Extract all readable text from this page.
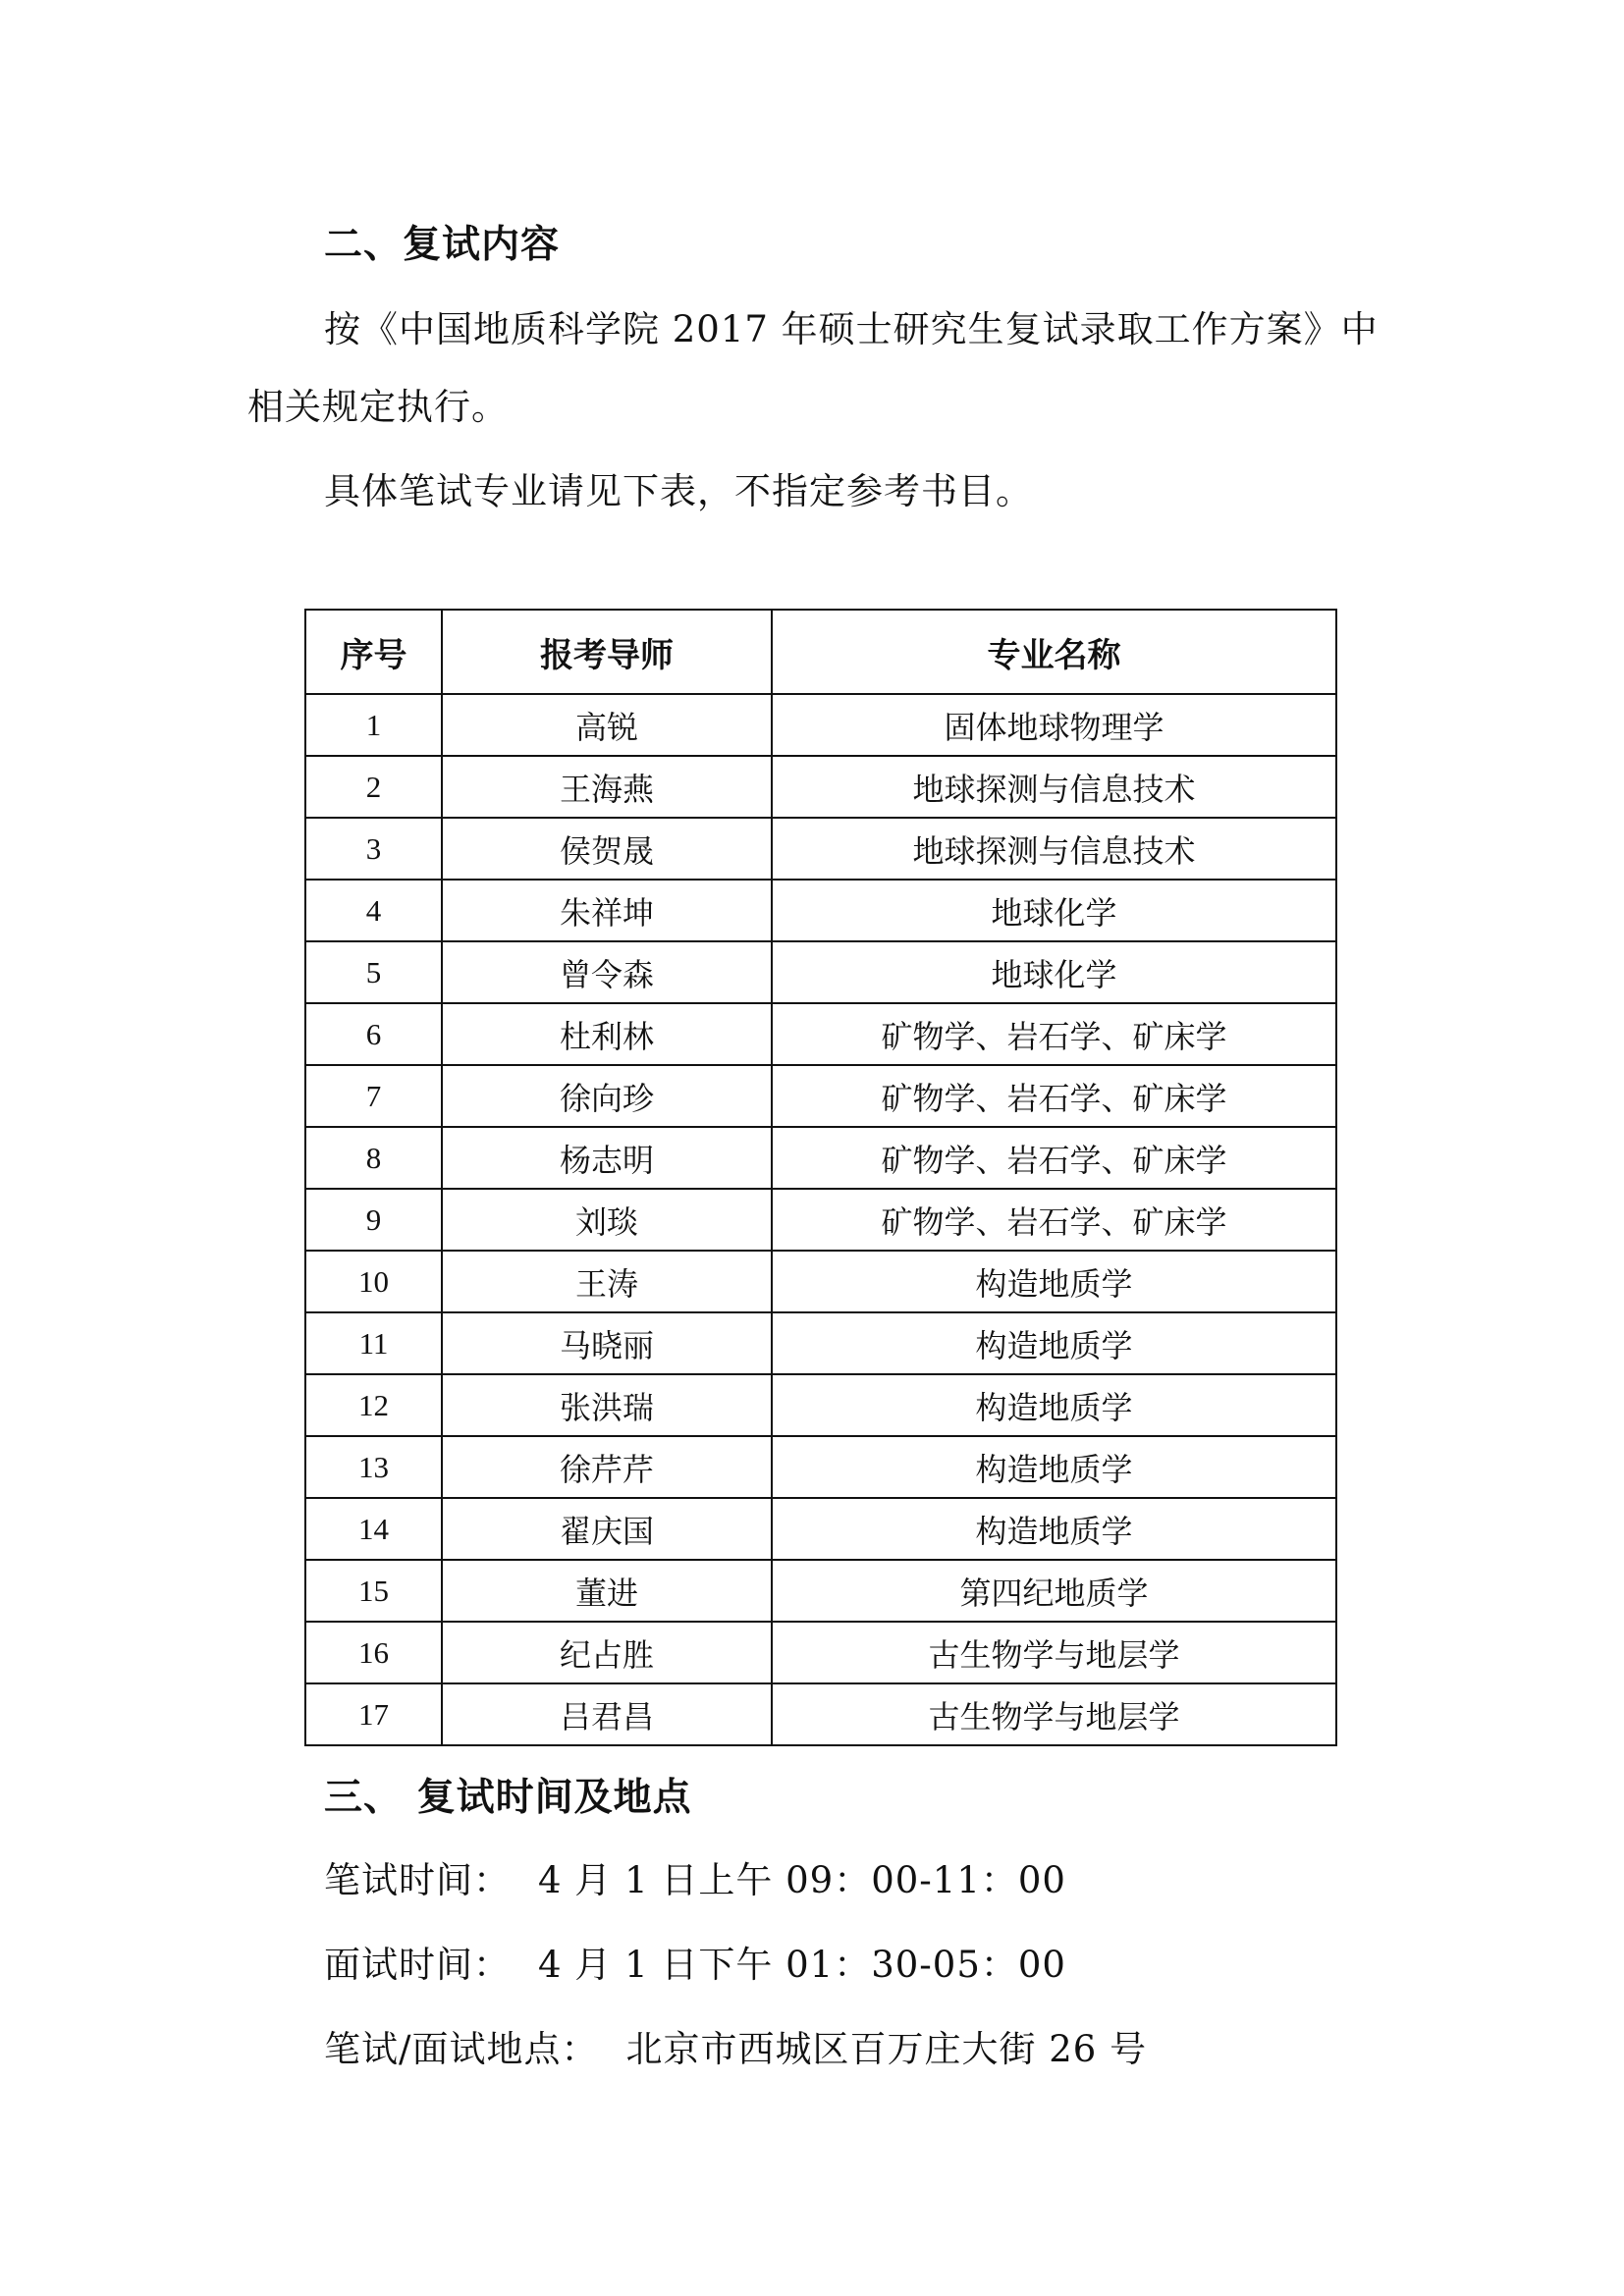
二、复试内容
按《中国地质科学院 2017 年硕士研究生复试录取工作方案》中
相关规定执行。
具体笔试专业请见下表，不指定参考书目。
序号	报考导师	专业名称
1	高锐	固体地球物理学
2	王海燕	地球探测与信息技术
3	侯贺晟	地球探测与信息技术
4	朱祥坤	地球化学
5	曾令森	地球化学
6	杜利林	矿物学、岩石学、矿床学
7	徐向珍	矿物学、岩石学、矿床学
8	杨志明	矿物学、岩石学、矿床学
9	刘琰	矿物学、岩石学、矿床学
10	王涛	构造地质学
11	马晓丽	构造地质学
12	张洪瑞	构造地质学
13	徐芹芹	构造地质学
14	翟庆国	构造地质学
15	董进	第四纪地质学
16	纪占胜	古生物学与地层学
17	吕君昌	古生物学与地层学
三、 复试时间及地点
笔试时间： 4 月 1 日上午 09：00-11：00
面试时间： 4 月 1 日下午 01：30-05：00
笔试/面试地点： 北京市西城区百万庄大街 26 号
